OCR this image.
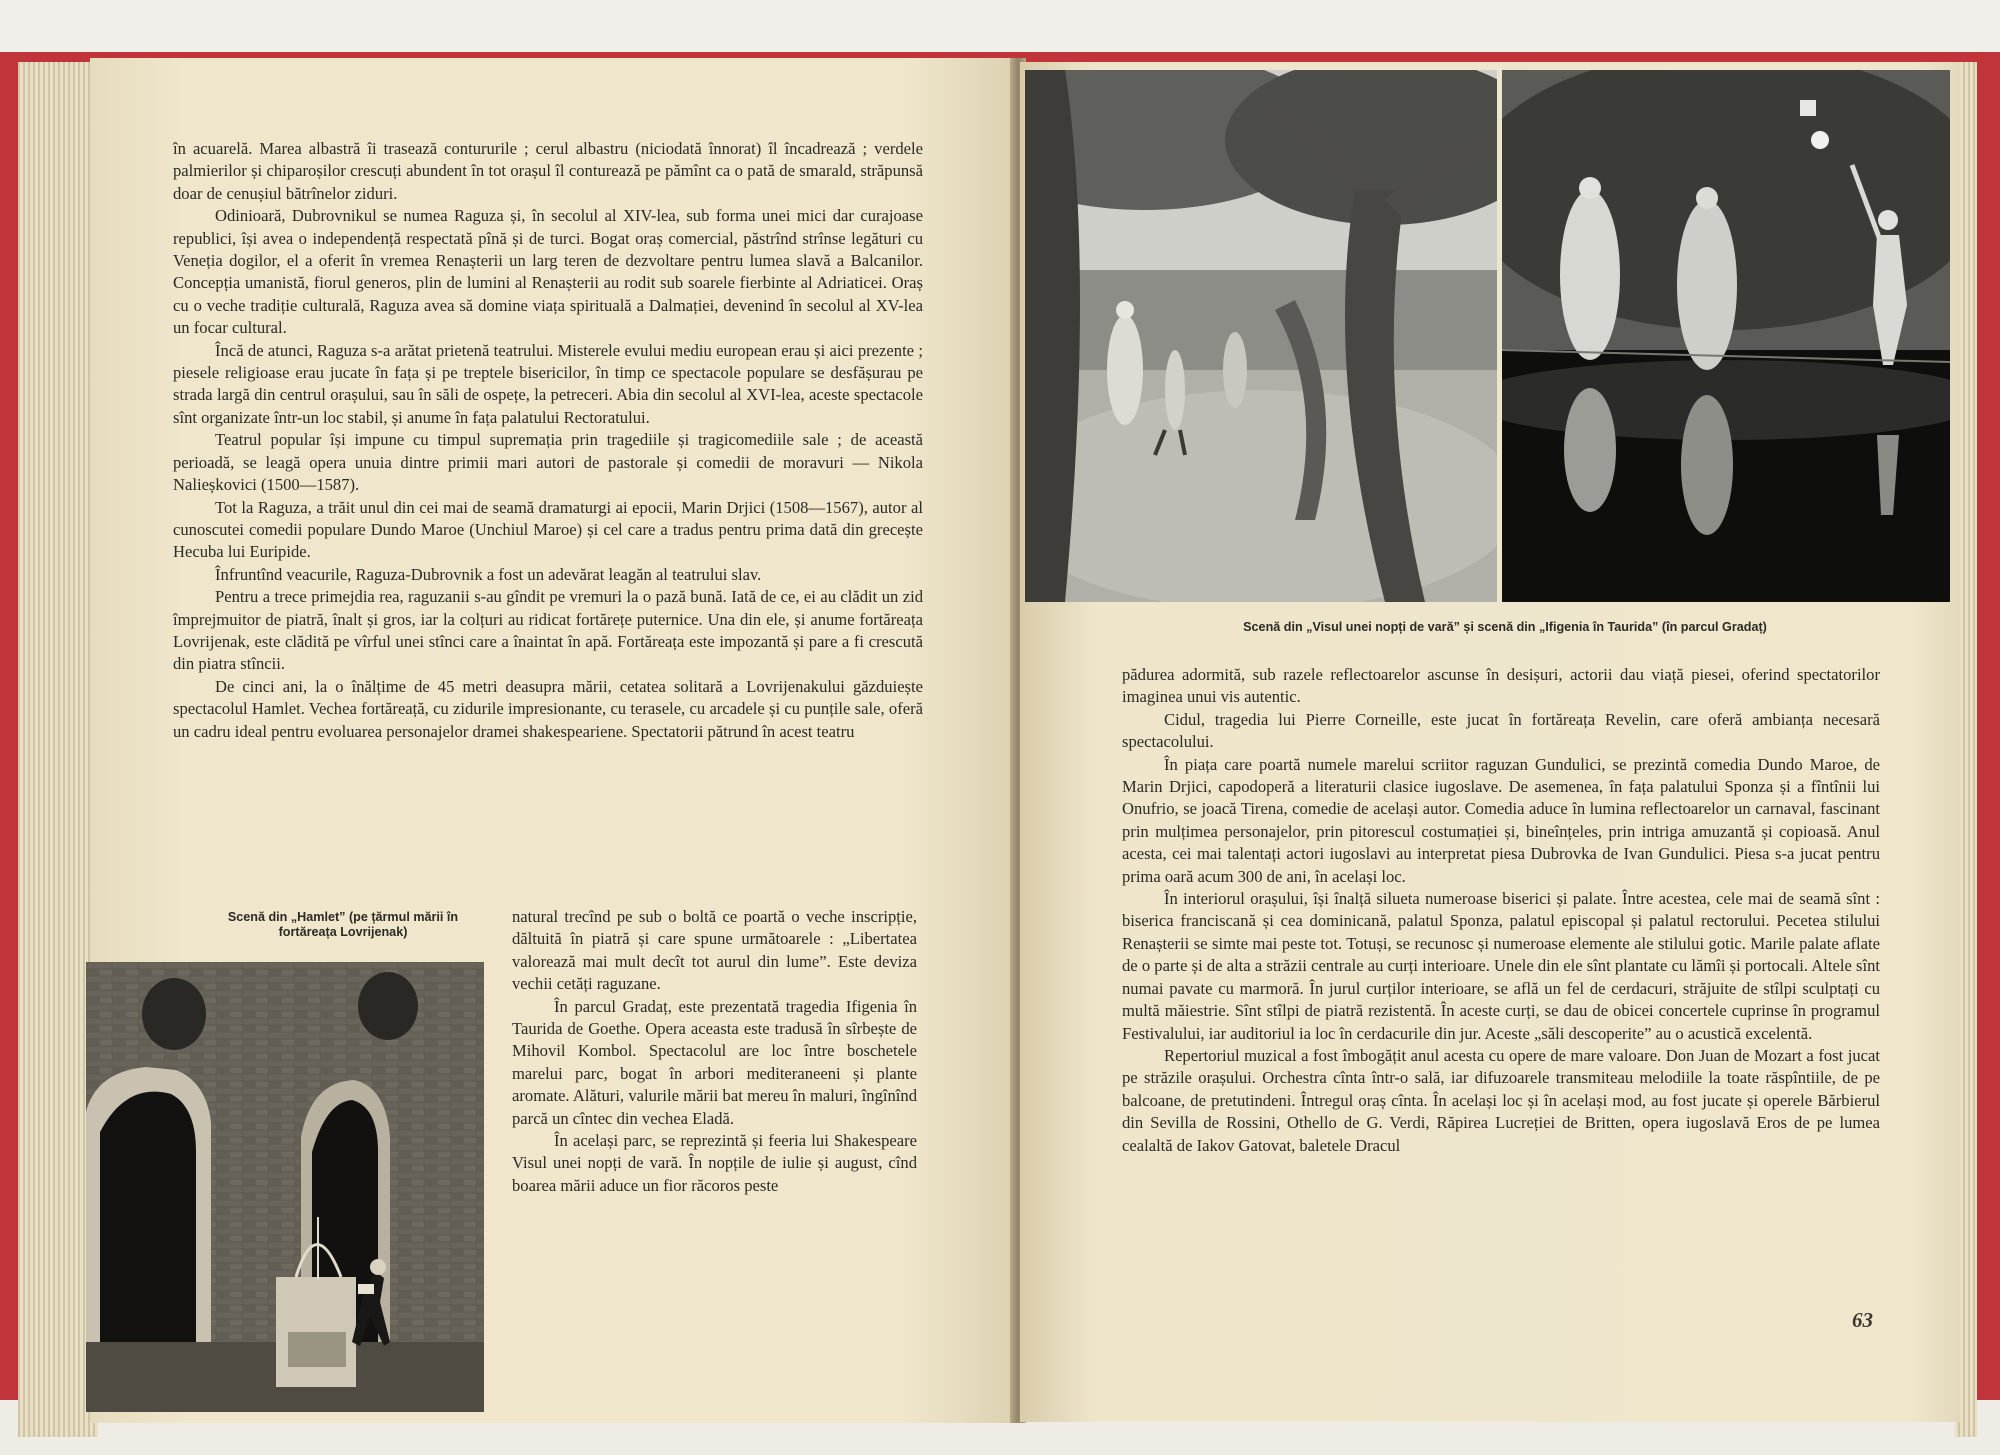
în acuarelă. Marea albastră îi trasează contururile ; cerul albastru (niciodată înnorat) îl încadrează ; verdele palmierilor și chiparoșilor crescuți abundent în tot orașul îl conturează pe pămînt ca o pată de smarald, străpunsă doar de cenușiul bătrînelor ziduri.

Odinioară, Dubrovnikul se numea Raguza și, în secolul al XIV-lea, sub forma unei mici dar curajoase republici, își avea o independență respectată pînă și de turci. Bogat oraș comercial, păstrînd strînse legături cu Veneția dogilor, el a oferit în vremea Renașterii un larg teren de dezvoltare pentru lumea slavă a Balcanilor. Concepția umanistă, fiorul generos, plin de lumini al Renașterii au rodit sub soarele fierbinte al Adriaticei. Oraș cu o veche tradiție culturală, Raguza avea să domine viața spirituală a Dalmației, devenind în secolul al XV-lea un focar cultural.

Încă de atunci, Raguza s-a arătat prietenă teatrului. Misterele evului mediu european erau și aici prezente ; piesele religioase erau jucate în fața și pe treptele bisericilor, în timp ce spectacole populare se desfășurau pe strada largă din centrul orașului, sau în săli de ospețe, la petreceri. Abia din secolul al XVI-lea, aceste spectacole sînt organizate într-un loc stabil, și anume în fața palatului Rectoratului.

Teatrul popular își impune cu timpul supremația prin tragediile și tragicomediile sale ; de această perioadă, se leagă opera unuia dintre primii mari autori de pastorale și comedii de moravuri — Nikola Nalieșkovici (1500—1587).

Tot la Raguza, a trăit unul din cei mai de seamă dramaturgi ai epocii, Marin Drjici (1508—1567), autor al cunoscutei comedii populare Dundo Maroe (Unchiul Maroe) și cel care a tradus pentru prima dată din grecește Hecuba lui Euripide.

Înfruntînd veacurile, Raguza-Dubrovnik a fost un adevărat leagăn al teatrului slav.

Pentru a trece primejdia rea, raguzanii s-au gîndit pe vremuri la o pază bună. Iată de ce, ei au clădit un zid împrejmuitor de piatră, înalt și gros, iar la colțuri au ridicat fortărețe puternice. Una din ele, și anume fortăreața Lovrijenak, este clădită pe vîrful unei stînci care a înaintat în apă. Fortăreața este impozantă și pare a fi crescută din piatra stîncii.

De cinci ani, la o înălțime de 45 metri deasupra mării, cetatea solitară a Lovrijenakului găzduiește spectacolul Hamlet. Vechea fortăreață, cu zidurile impresionante, cu terasele, cu arcadele și cu punțile sale, oferă un cadru ideal pentru evoluarea personajelor dramei shakespeariene. Spectatorii pătrund în acest teatru

Scenă din „Hamlet” (pe țărmul mării în fortăreața Lovrijenak)

natural trecînd pe sub o boltă ce poartă o veche inscripție, dăltuită în piatră și care spune următoarele : „Libertatea valorează mai mult decît tot aurul din lume”. Este deviza vechii cetăți raguzane.

În parcul Gradaț, este prezentată tragedia Ifigenia în Taurida de Goethe. Opera aceasta este tradusă în sîrbește de Mihovil Kombol. Spectacolul are loc între boschetele marelui parc, bogat în arbori mediteraneeni și plante aromate. Alături, valurile mării bat mereu în maluri, îngînînd parcă un cîntec din vechea Eladă.

În același parc, se reprezintă și feeria lui Shakespeare Visul unei nopți de vară. În nopțile de iulie și august, cînd boarea mării aduce un fior răcoros peste

Scenă din „Visul unei nopți de vară” și scenă din „Ifigenia în Taurida” (în parcul Gradaț)

pădurea adormită, sub razele reflectoarelor ascunse în desișuri, actorii dau viață piesei, oferind spectatorilor imaginea unui vis autentic.

Cidul, tragedia lui Pierre Corneille, este jucat în fortăreața Revelin, care oferă ambianța necesară spectacolului.

În piața care poartă numele marelui scriitor raguzan Gundulici, se prezintă comedia Dundo Maroe, de Marin Drjici, capodoperă a literaturii clasice iugoslave. De asemenea, în fața palatului Sponza și a fîntînii lui Onufrio, se joacă Tirena, comedie de același autor. Comedia aduce în lumina reflectoarelor un carnaval, fascinant prin mulțimea personajelor, prin pitorescul costumației și, bineînțeles, prin intriga amuzantă și copioasă. Anul acesta, cei mai talentați actori iugoslavi au interpretat piesa Dubrovka de Ivan Gundulici. Piesa s-a jucat pentru prima oară acum 300 de ani, în același loc.

În interiorul orașului, își înalță silueta numeroase biserici și palate. Între acestea, cele mai de seamă sînt : biserica franciscană și cea dominicană, palatul Sponza, palatul episcopal și palatul rectorului. Pecetea stilului Renașterii se simte mai peste tot. Totuși, se recunosc și numeroase elemente ale stilului gotic. Marile palate aflate de o parte și de alta a străzii centrale au curți interioare. Unele din ele sînt plantate cu lămîi și portocali. Altele sînt numai pavate cu marmoră. În jurul curților interioare, se află un fel de cerdacuri, străjuite de stîlpi sculptați cu multă măiestrie. Sînt stîlpi de piatră rezistentă. În aceste curți, se dau de obicei concertele cuprinse în programul Festivalului, iar auditoriul ia loc în cerdacurile din jur. Aceste „săli descoperite” au o acustică excelentă.

Repertoriul muzical a fost îmbogățit anul acesta cu opere de mare valoare. Don Juan de Mozart a fost jucat pe străzile orașului. Orchestra cînta într-o sală, iar difuzoarele transmiteau melodiile la toate răspîntiile, de pe balcoane, de pretutindeni. Întregul oraș cînta. În același loc și în același mod, au fost jucate și operele Bărbierul din Sevilla de Rossini, Othello de G. Verdi, Răpirea Lucreției de Britten, opera iugoslavă Eros de pe lumea cealaltă de Iakov Gatovat, baletele Dracul

63
